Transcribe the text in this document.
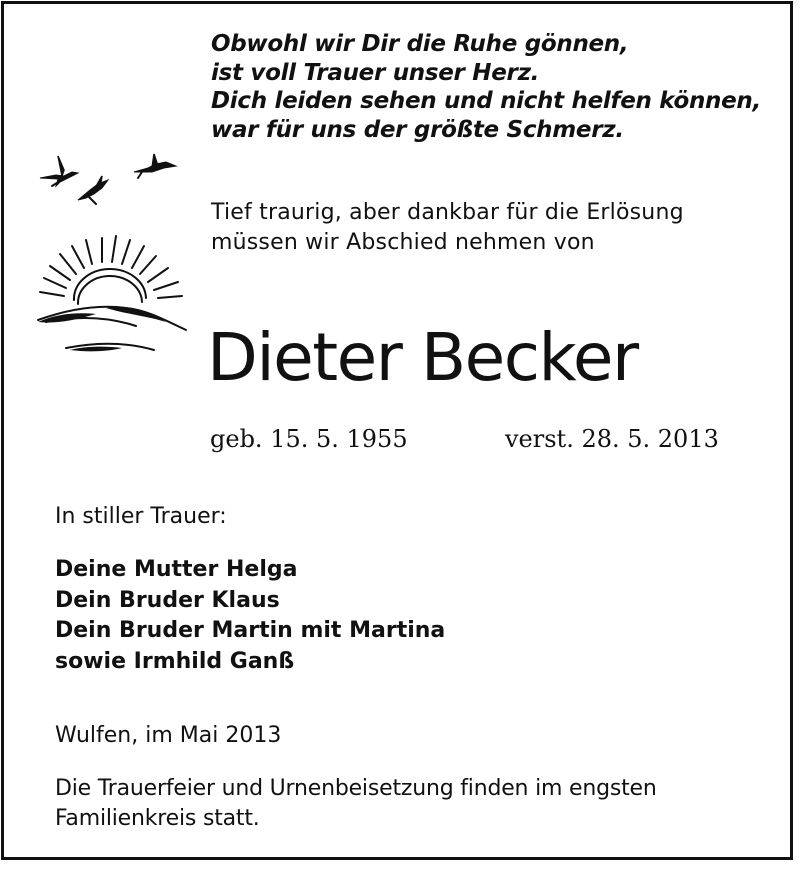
Obwohl wir Dir die Ruhe gönnen,
ist voll Trauer unser Herz.
Dich leiden sehen und nicht helfen können,
war für uns der größte Schmerz.
Tief traurig, aber dankbar für die Erlösung
müssen wir Abschied nehmen von
Dieter Becker
geb. 15. 5. 1955	verst. 28. 5. 2013
In stiller Trauer:
Deine Mutter Helga
Dein Bruder Klaus
Dein Bruder Martin mit Martina
sowie Irmhild Ganß
Wulfen, im Mai 2013
Die Trauerfeier und Urnenbeisetzung finden im engsten
Familienkreis statt.
